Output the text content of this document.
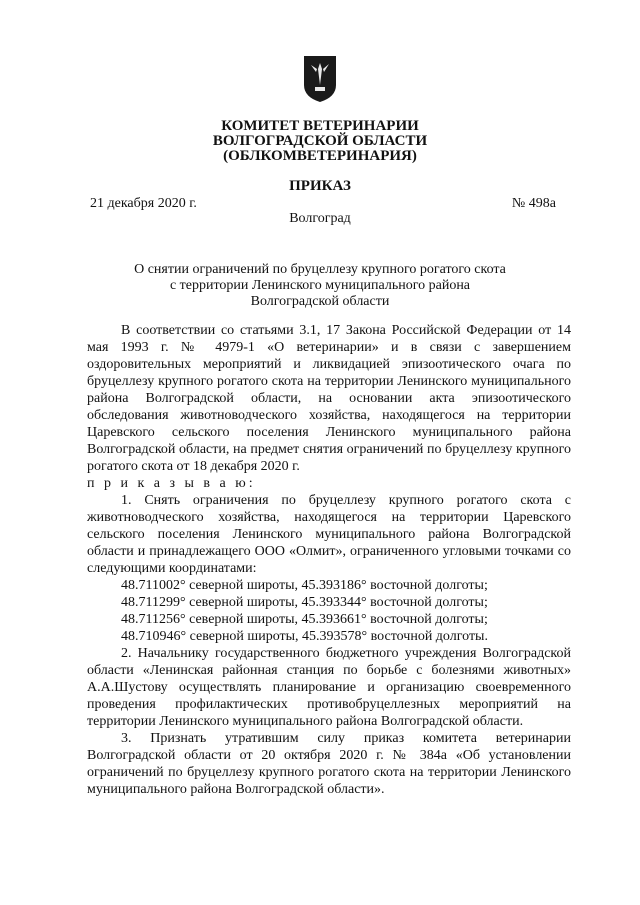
КОМИТЕТ ВЕТЕРИНАРИИ
ВОЛГОГРАДСКОЙ ОБЛАСТИ
(ОБЛКОМВЕТЕРИНАРИЯ)
ПРИКАЗ
21 декабря 2020 г.	№ 498а
Волгоград
О снятии ограничений по бруцеллезу крупного рогатого скота
с территории Ленинского муниципального района
Волгоградской области

В соответствии со статьями 3.1, 17 Закона Российской Федерации от 14 мая 1993 г. № 4979-1 «О ветеринарии» и в связи с завершением оздоровительных мероприятий и ликвидацией эпизоотического очага по бруцеллезу крупного рогатого скота на территории Ленинского муниципального района Волгоградской области, на основании акта эпизоотического обследования животноводческого хозяйства, находящегося на территории Царевского сельского поселения Ленинского муниципального района Волгоградской области, на предмет снятия ограничений по бруцеллезу крупного рогатого скота от 18 декабря 2020 г.

п р и к а з ы в а ю:

1. Снять ограничения по бруцеллезу крупного рогатого скота с животноводческого хозяйства, находящегося на территории Царевского сельского поселения Ленинского муниципального района Волгоградской области и принадлежащего ООО «Олмит», ограниченного угловыми точками со следующими координатами:

48.711002° северной широты, 45.393186° восточной долготы;

48.711299° северной широты, 45.393344° восточной долготы;

48.711256° северной широты, 45.393661° восточной долготы;

48.710946° северной широты, 45.393578° восточной долготы.

2. Начальнику государственного бюджетного учреждения Волгоградской области «Ленинская районная станция по борьбе с болезнями животных» А.А.Шустову осуществлять планирование и организацию своевременного проведения профилактических противобруцеллезных мероприятий на территории Ленинского муниципального района Волгоградской области.

3. Признать утратившим силу приказ комитета ветеринарии Волгоградской области от 20 октября 2020 г. № 384а «Об установлении ограничений по бруцеллезу крупного рогатого скота на территории Ленинского муниципального района Волгоградской области».
